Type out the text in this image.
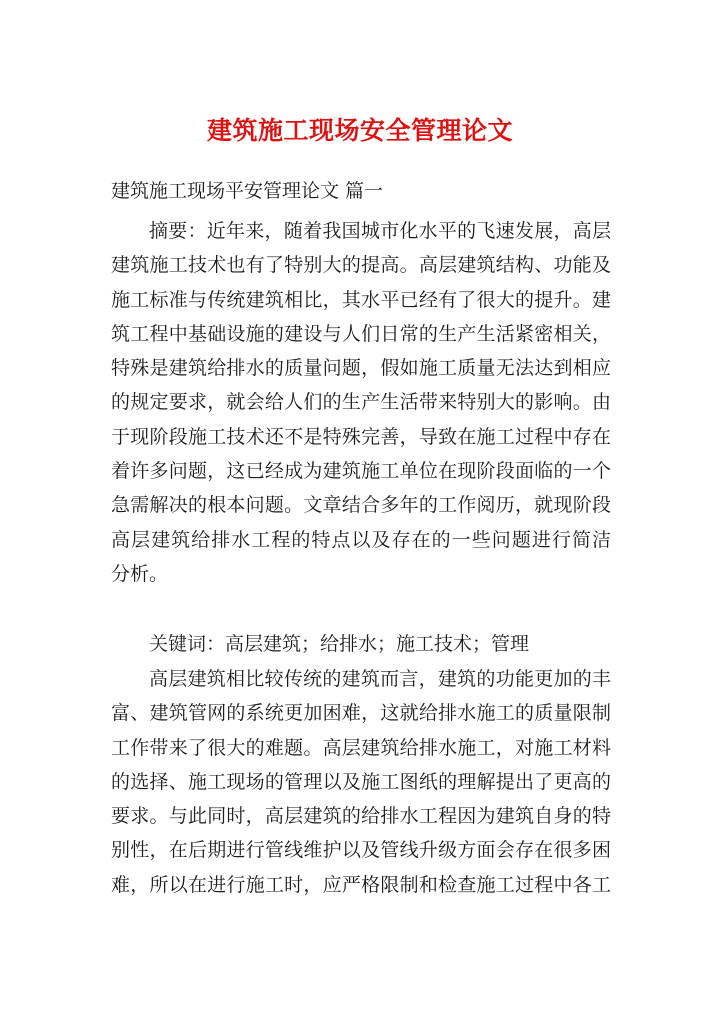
建筑施工现场安全管理论文

建筑施工现场平安管理论文 篇一

摘要：近年来，随着我国城市化水平的飞速发展，高层
建筑施工技术也有了特别大的提高。高层建筑结构、功能及
施工标准与传统建筑相比，其水平已经有了很大的提升。建
筑工程中基础设施的建设与人们日常的生产生活紧密相关，
特殊是建筑给排水的质量问题，假如施工质量无法达到相应
的规定要求，就会给人们的生产生活带来特别大的影响。由
于现阶段施工技术还不是特殊完善，导致在施工过程中存在
着许多问题，这已经成为建筑施工单位在现阶段面临的一个
急需解决的根本问题。文章结合多年的工作阅历，就现阶段
高层建筑给排水工程的特点以及存在的一些问题进行简洁
分析。
关键词：高层建筑；给排水；施工技术；管理
高层建筑相比较传统的建筑而言，建筑的功能更加的丰
富、建筑管网的系统更加困难，这就给排水施工的质量限制
工作带来了很大的难题。高层建筑给排水施工，对施工材料
的选择、施工现场的管理以及施工图纸的理解提出了更高的
要求。与此同时，高层建筑的给排水工程因为建筑自身的特
别性，在后期进行管线维护以及管线升级方面会存在很多困
难，所以在进行施工时，应严格限制和检查施工过程中各工
